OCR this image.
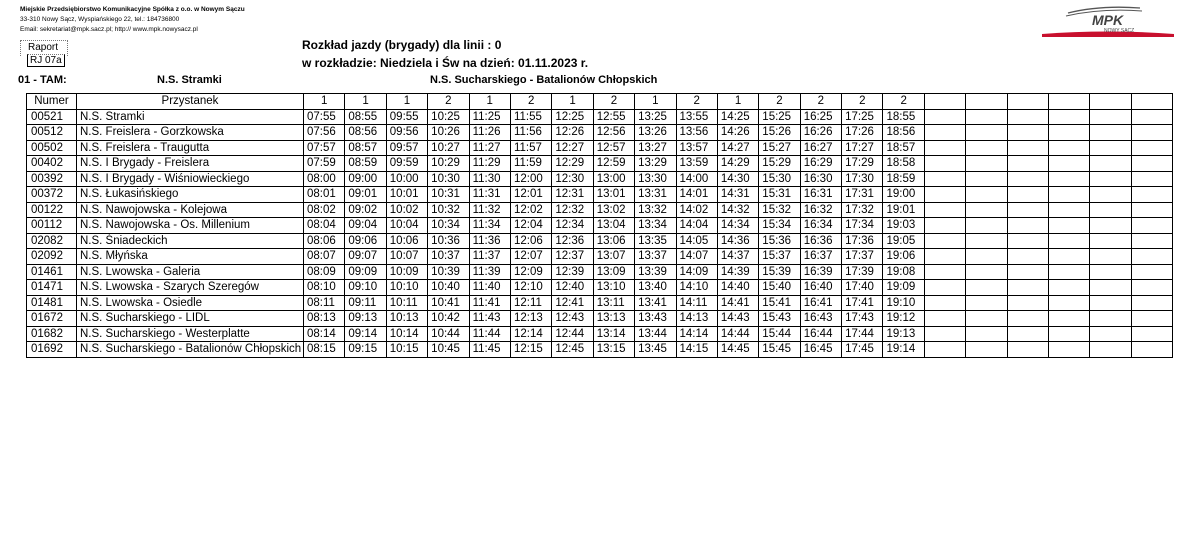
Miejskie Przedsiębiorstwo Komunikacyjne Spółka z o.o. w Nowym Sączu
33-310 Nowy Sącz, Wyspiańskiego 22, tel.: 184736800
Email: sekretariat@mpk.sacz.pl; http:// www.mpk.nowysacz.pl
MPK
NOWY SĄCZ
Raport
RJ 07a
Rozkład jazdy (brygady) dla linii : 0
w rozkładzie: Niedziela i Św na dzień: 01.11.2023 r.
01 - TAM:	N.S. Stramki	N.S. Sucharskiego - Batalionów Chłopskich
Numer	Przystanek	1	1	1	2	1	2	1	2	1	2	1	2	2	2	2						
00521	N.S. Stramki	07:55	08:55	09:55	10:25	11:25	11:55	12:25	12:55	13:25	13:55	14:25	15:25	16:25	17:25	18:55						
00512	N.S. Freislera - Gorzkowska	07:56	08:56	09:56	10:26	11:26	11:56	12:26	12:56	13:26	13:56	14:26	15:26	16:26	17:26	18:56						
00502	N.S. Freislera - Traugutta	07:57	08:57	09:57	10:27	11:27	11:57	12:27	12:57	13:27	13:57	14:27	15:27	16:27	17:27	18:57						
00402	N.S. I Brygady - Freislera	07:59	08:59	09:59	10:29	11:29	11:59	12:29	12:59	13:29	13:59	14:29	15:29	16:29	17:29	18:58						
00392	N.S. I Brygady - Wiśniowieckiego	08:00	09:00	10:00	10:30	11:30	12:00	12:30	13:00	13:30	14:00	14:30	15:30	16:30	17:30	18:59						
00372	N.S. Łukasińskiego	08:01	09:01	10:01	10:31	11:31	12:01	12:31	13:01	13:31	14:01	14:31	15:31	16:31	17:31	19:00						
00122	N.S. Nawojowska - Kolejowa	08:02	09:02	10:02	10:32	11:32	12:02	12:32	13:02	13:32	14:02	14:32	15:32	16:32	17:32	19:01						
00112	N.S. Nawojowska - Os. Millenium	08:04	09:04	10:04	10:34	11:34	12:04	12:34	13:04	13:34	14:04	14:34	15:34	16:34	17:34	19:03						
02082	N.S. Śniadeckich	08:06	09:06	10:06	10:36	11:36	12:06	12:36	13:06	13:35	14:05	14:36	15:36	16:36	17:36	19:05						
02092	N.S. Młyńska	08:07	09:07	10:07	10:37	11:37	12:07	12:37	13:07	13:37	14:07	14:37	15:37	16:37	17:37	19:06						
01461	N.S. Lwowska - Galeria	08:09	09:09	10:09	10:39	11:39	12:09	12:39	13:09	13:39	14:09	14:39	15:39	16:39	17:39	19:08						
01471	N.S. Lwowska - Szarych Szeregów	08:10	09:10	10:10	10:40	11:40	12:10	12:40	13:10	13:40	14:10	14:40	15:40	16:40	17:40	19:09						
01481	N.S. Lwowska - Osiedle	08:11	09:11	10:11	10:41	11:41	12:11	12:41	13:11	13:41	14:11	14:41	15:41	16:41	17:41	19:10						
01672	N.S. Sucharskiego - LIDL	08:13	09:13	10:13	10:42	11:43	12:13	12:43	13:13	13:43	14:13	14:43	15:43	16:43	17:43	19:12						
01682	N.S. Sucharskiego - Westerplatte	08:14	09:14	10:14	10:44	11:44	12:14	12:44	13:14	13:44	14:14	14:44	15:44	16:44	17:44	19:13						
01692	N.S. Sucharskiego - Batalionów Chłopskich	08:15	09:15	10:15	10:45	11:45	12:15	12:45	13:15	13:45	14:15	14:45	15:45	16:45	17:45	19:14						
